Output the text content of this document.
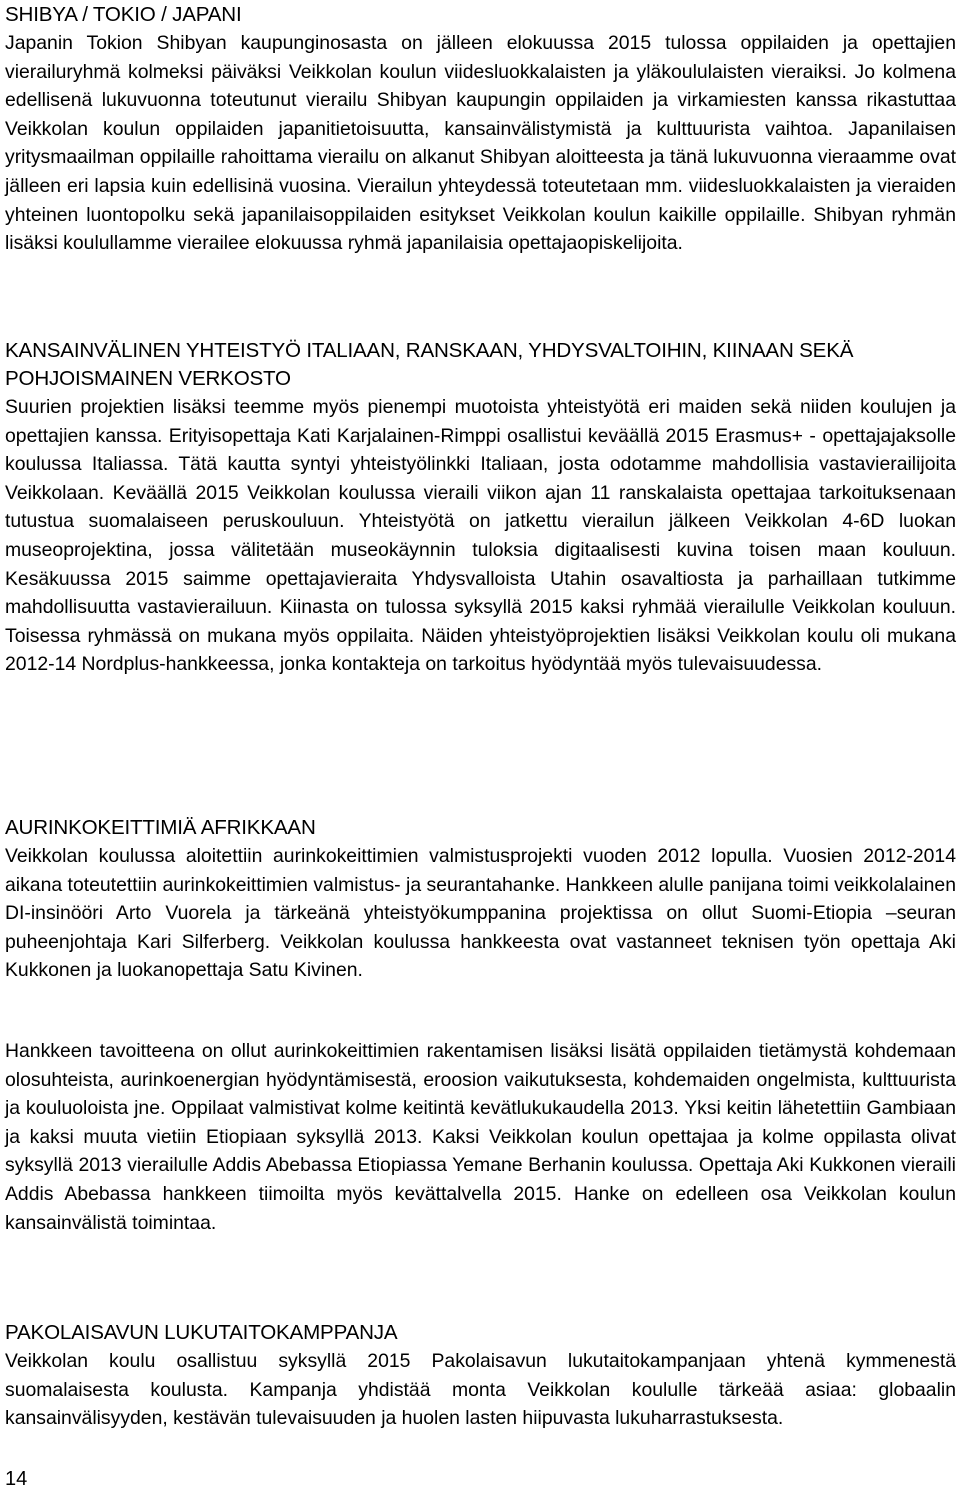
SHIBYA / TOKIO / JAPANI

Japanin Tokion Shibyan kaupunginosasta on jälleen elokuussa 2015 tulossa oppilaiden ja opettajien vierailuryhmä kolmeksi päiväksi Veikkolan koulun viidesluokkalaisten ja yläkoululaisten vieraiksi. Jo kolmena edellisenä lukuvuonna toteutunut vierailu Shibyan kaupungin oppilaiden ja virkamiesten kanssa rikastuttaa Veikkolan koulun oppilaiden japanitietoisuutta, kansainvälistymistä ja kulttuurista vaihtoa. Japanilaisen yritysmaailman oppilaille rahoittama vierailu on alkanut Shibyan aloitteesta ja tänä lukuvuonna vieraamme ovat jälleen eri lapsia kuin edellisinä vuosina. Vierailun yhteydessä toteutetaan mm. viidesluokkalaisten ja vieraiden yhteinen luontopolku sekä japanilaisoppilaiden esitykset Veikkolan koulun kaikille oppilaille. Shibyan ryhmän lisäksi koulullamme vierailee elokuussa ryhmä japanilaisia opettajaopiskelijoita.

KANSAINVÄLINEN YHTEISTYÖ ITALIAAN, RANSKAAN, YHDYSVALTOIHIN, KIINAAN SEKÄ POHJOISMAINEN VERKOSTO

Suurien projektien lisäksi teemme myös pienempi muotoista yhteistyötä eri maiden sekä niiden koulujen ja opettajien kanssa. Erityisopettaja Kati Karjalainen-Rimppi osallistui keväällä 2015 Erasmus+ - opettajajaksolle koulussa Italiassa. Tätä kautta syntyi yhteistyölinkki Italiaan, josta odotamme mahdollisia vastavierailijoita Veikkolaan. Keväällä 2015 Veikkolan koulussa vieraili viikon ajan 11 ranskalaista opettajaa tarkoituksenaan tutustua suomalaiseen peruskouluun. Yhteistyötä on jatkettu vierailun jälkeen Veikkolan 4-6D luokan museoprojektina, jossa välitetään museokäynnin tuloksia digitaalisesti kuvina toisen maan kouluun. Kesäkuussa 2015 saimme opettajavieraita Yhdysvalloista Utahin osavaltiosta ja parhaillaan tutkimme mahdollisuutta vastavierailuun. Kiinasta on tulossa syksyllä 2015 kaksi ryhmää vierailulle Veikkolan kouluun. Toisessa ryhmässä on mukana myös oppilaita. Näiden yhteistyöprojektien lisäksi Veikkolan koulu oli mukana 2012-14 Nordplus-hankkeessa, jonka kontakteja on tarkoitus hyödyntää myös tulevaisuudessa.

AURINKOKEITTIMIÄ AFRIKKAAN

Veikkolan koulussa aloitettiin aurinkokeittimien valmistusprojekti vuoden 2012 lopulla. Vuosien 2012-2014 aikana toteutettiin aurinkokeittimien valmistus- ja seurantahanke. Hankkeen alulle panijana toimi veikkolalainen DI-insinööri Arto Vuorela ja tärkeänä yhteistyökumppanina projektissa on ollut Suomi-Etiopia –seuran puheenjohtaja Kari Silferberg. Veikkolan koulussa hankkeesta ovat vastanneet teknisen työn opettaja Aki Kukkonen ja luokanopettaja Satu Kivinen.

Hankkeen tavoitteena on ollut aurinkokeittimien rakentamisen lisäksi lisätä oppilaiden tietämystä kohdemaan olosuhteista, aurinkoenergian hyödyntämisestä, eroosion vaikutuksesta, kohdemaiden ongelmista, kulttuurista ja kouluoloista jne. Oppilaat valmistivat kolme keitintä kevätlukukaudella 2013. Yksi keitin lähetettiin Gambiaan ja kaksi muuta vietiin Etiopiaan syksyllä 2013. Kaksi Veikkolan koulun opettajaa ja kolme oppilasta olivat syksyllä 2013 vierailulle Addis Abebassa Etiopiassa Yemane Berhanin koulussa. Opettaja Aki Kukkonen vieraili Addis Abebassa hankkeen tiimoilta myös kevättalvella 2015. Hanke on edelleen osa Veikkolan koulun kansainvälistä toimintaa.

PAKOLAISAVUN LUKUTAITOKAMPPANJA

Veikkolan koulu osallistuu syksyllä 2015 Pakolaisavun lukutaitokampanjaan yhtenä kymmenestä suomalaisesta koulusta. Kampanja yhdistää monta Veikkolan koululle tärkeää asiaa: globaalin kansainvälisyyden, kestävän tulevaisuuden ja huolen lasten hiipuvasta lukuharrastuksesta.

14
